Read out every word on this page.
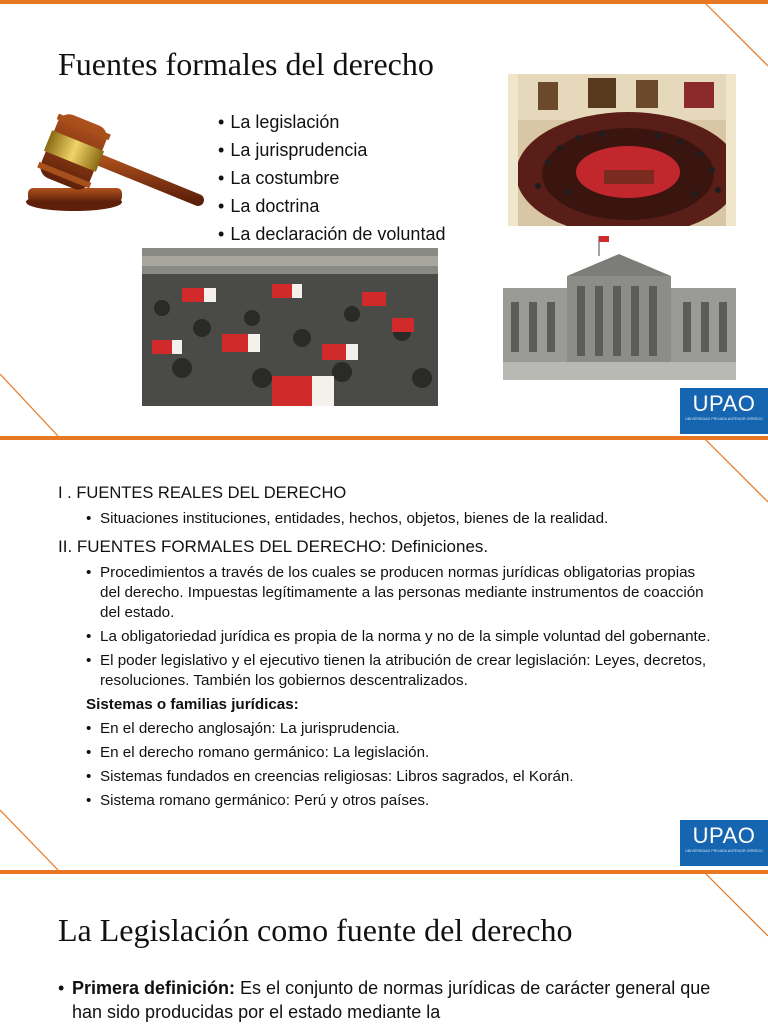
Fuentes formales del derecho
• La legislación
• La jurisprudencia
• La costumbre
• La doctrina
• La declaración de voluntad
UPAO
UNIVERSIDAD PRIVADA ANTENOR ORREGO
I . FUENTES REALES DEL DERECHO
• Situaciones instituciones, entidades, hechos, objetos, bienes de la realidad.
II. FUENTES FORMALES DEL DERECHO: Definiciones.
• Procedimientos a través de los cuales se producen normas jurídicas obligatorias propias del derecho. Impuestas legítimamente a las personas mediante instrumentos de coacción del estado.
• La obligatoriedad jurídica es propia de la norma y no de la simple voluntad del gobernante.
• El poder legislativo y el ejecutivo tienen la atribución de crear legislación: Leyes, decretos, resoluciones. También los gobiernos descentralizados.
Sistemas o familias jurídicas:
• En el derecho anglosajón: La jurisprudencia.
• En el derecho romano germánico: La legislación.
• Sistemas fundados en creencias religiosas: Libros sagrados, el Korán.
• Sistema romano germánico: Perú y otros países.
UPAO
UNIVERSIDAD PRIVADA ANTENOR ORREGO
La Legislación como fuente del derecho
• Primera definición: Es el conjunto de normas jurídicas de carácter general que han sido producidas por el estado mediante la
